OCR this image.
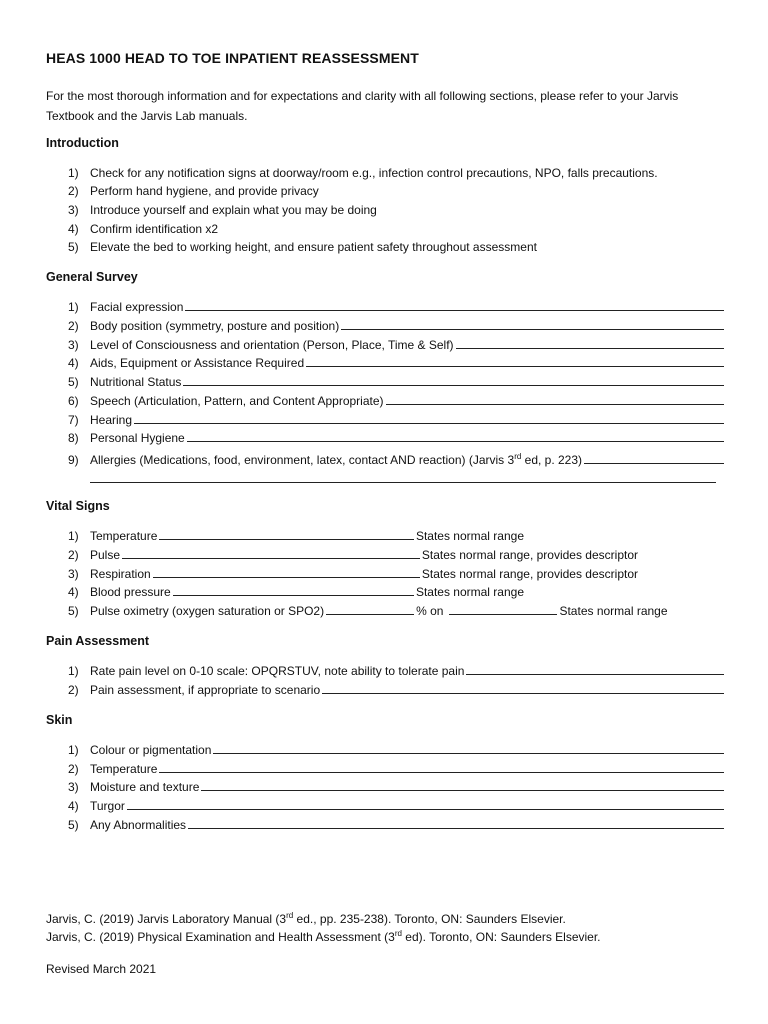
HEAS 1000 HEAD TO TOE INPATIENT REASSESSMENT
For the most thorough information and for expectations and clarity with all following sections, please refer to your Jarvis Textbook and the Jarvis Lab manuals.
Introduction
1) Check for any notification signs at doorway/room e.g., infection control precautions, NPO, falls precautions.
2) Perform hand hygiene, and provide privacy
3) Introduce yourself and explain what you may be doing
4) Confirm identification x2
5) Elevate the bed to working height, and ensure patient safety throughout assessment
General Survey
1) Facial expression
2) Body position (symmetry, posture and position)
3) Level of Consciousness and orientation (Person, Place, Time & Self)
4) Aids, Equipment or Assistance Required
5) Nutritional Status
6) Speech (Articulation, Pattern, and Content Appropriate)
7) Hearing
8) Personal Hygiene
9) Allergies (Medications, food, environment, latex, contact AND reaction) (Jarvis 3rd ed, p. 223)
Vital Signs
1) Temperature	States normal range
2) Pulse	States normal range, provides descriptor
3) Respiration	States normal range, provides descriptor
4) Blood pressure	States normal range
5) Pulse oximetry (oxygen saturation or SPO2)	% on	States normal range
Pain Assessment
1) Rate pain level on 0-10 scale: OPQRSTUV, note ability to tolerate pain
2) Pain assessment, if appropriate to scenario
Skin
1) Colour or pigmentation
2) Temperature
3) Moisture and texture
4) Turgor
5) Any Abnormalities
Jarvis, C. (2019) Jarvis Laboratory Manual (3rd ed., pp. 235-238). Toronto, ON: Saunders Elsevier.
Jarvis, C. (2019) Physical Examination and Health Assessment (3rd ed). Toronto, ON: Saunders Elsevier.
Revised March 2021
